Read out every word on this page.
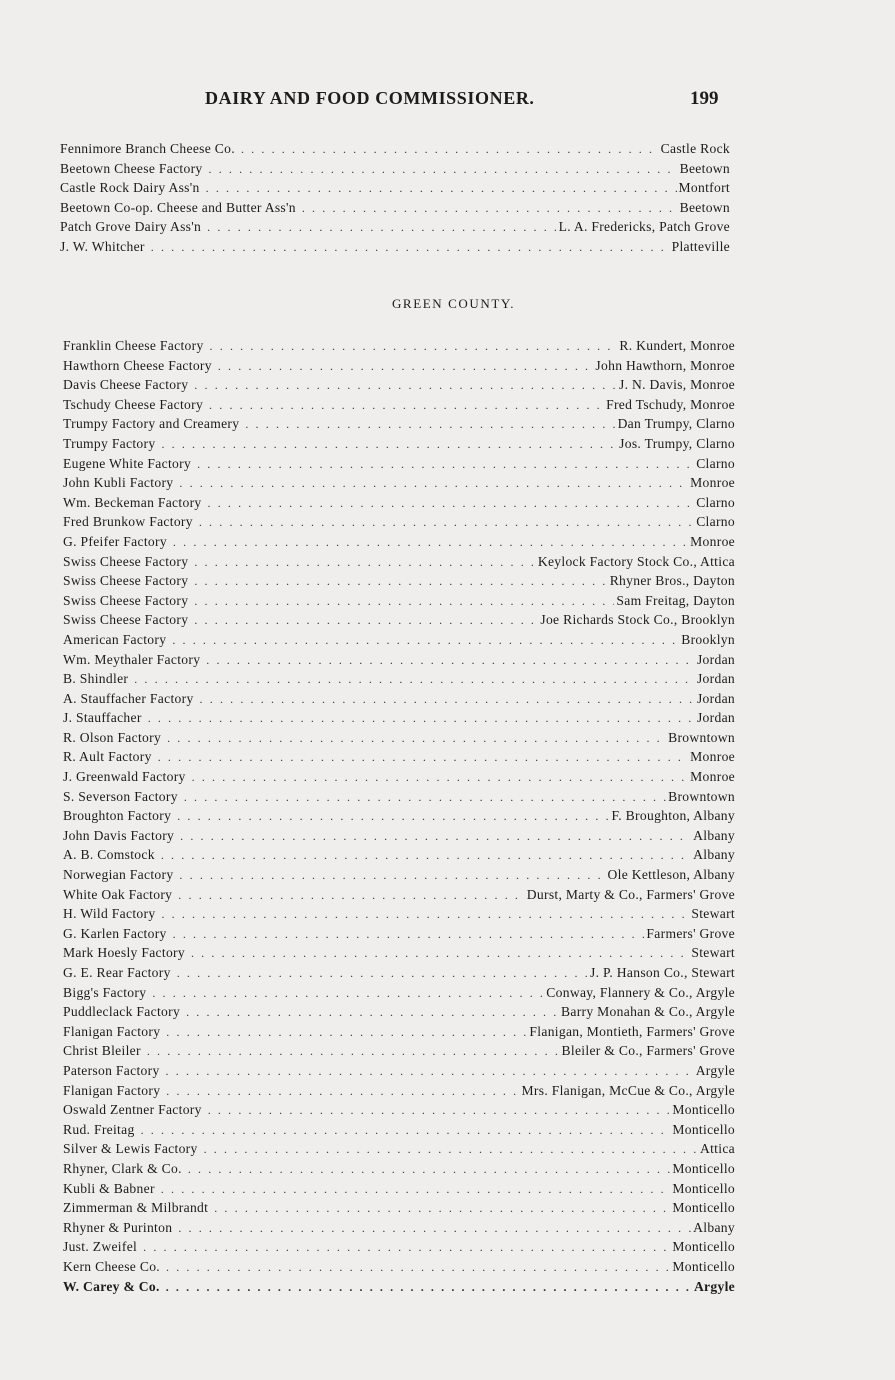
DAIRY AND FOOD COMMISSIONER.	199
Fennimore Branch Cheese Co. . . .	Castle Rock
Beetown Cheese Factory . . .	Beetown
Castle Rock Dairy Ass'n . . .	Montfort
Beetown Co-op. Cheese and Butter Ass'n . . .	Beetown
Patch Grove Dairy Ass'n . . .	L. A. Fredericks, Patch Grove
J. W. Whitcher . . .	Platteville
GREEN COUNTY.
Franklin Cheese Factory . . .	R. Kundert, Monroe
Hawthorn Cheese Factory . . .	John Hawthorn, Monroe
Davis Cheese Factory . . .	J. N. Davis, Monroe
Tschudy Cheese Factory . . .	Fred Tschudy, Monroe
Trumpy Factory and Creamery . . .	Dan Trumpy, Clarno
Trumpy Factory . . .	Jos. Trumpy, Clarno
Eugene White Factory . . .	Clarno
John Kubli Factory . . .	Monroe
Wm. Beckeman Factory . . .	Clarno
Fred Brunkow Factory . . .	Clarno
G. Pfeifer Factory . . .	Monroe
Swiss Cheese Factory . . .	Keylock Factory Stock Co., Attica
Swiss Cheese Factory . . .	Rhyner Bros., Dayton
Swiss Cheese Factory . . .	Sam Freitag, Dayton
Swiss Cheese Factory . . .	Joe Richards Stock Co., Brooklyn
American Factory . . .	Brooklyn
Wm. Meythaler Factory . . .	Jordan
B. Shindler . . .	Jordan
A. Stauffacher Factory . . .	Jordan
J. Stauffacher . . .	Jordan
R. Olson Factory . . .	Browntown
R. Ault Factory . . .	Monroe
J. Greenwald Factory . . .	Monroe
S. Severson Factory . . .	Browntown
Broughton Factory . . .	F. Broughton, Albany
John Davis Factory . . .	Albany
A. B. Comstock . . .	Albany
Norwegian Factory . . .	Ole Kettleson, Albany
White Oak Factory . . .	Durst, Marty & Co., Farmers' Grove
H. Wild Factory . . .	Stewart
G. Karlen Factory . . .	Farmers' Grove
Mark Hoesly Factory . . .	Stewart
G. E. Rear Factory . . .	J. P. Hanson Co., Stewart
Bigg's Factory . . .	Conway, Flannery & Co., Argyle
Puddleclack Factory . . .	Barry Monahan & Co., Argyle
Flanigan Factory . . .	Flanigan, Montieth, Farmers' Grove
Christ Bleiler . . .	Bleiler & Co., Farmers' Grove
Paterson Factory . . .	Argyle
Flanigan Factory . . .	Mrs. Flanigan, McCue & Co., Argyle
Oswald Zentner Factory . . .	Monticello
Rud. Freitag . . .	Monticello
Silver & Lewis Factory . . .	Attica
Rhyner, Clark & Co. . . .	Monticello
Kubli & Babner . . .	Monticello
Zimmerman & Milbrandt . . .	Monticello
Rhyner & Purinton . . .	Albany
Just. Zweifel . . .	Monticello
Kern Cheese Co. . . .	Monticello
W. Carey & Co. . . .	Argyle
